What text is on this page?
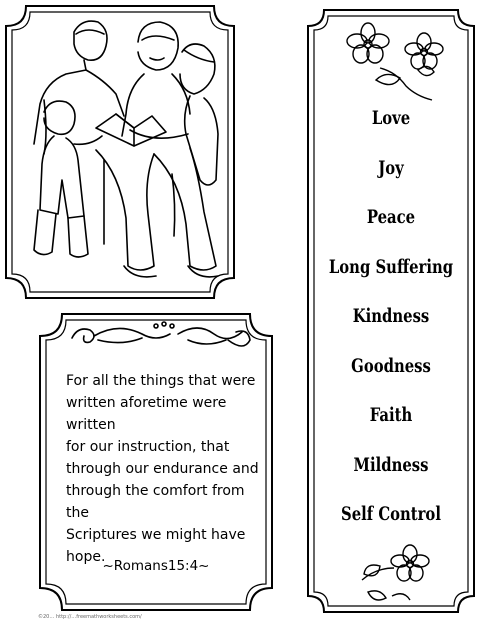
For all the things that were
written aforetime were written
for our instruction, that
through our endurance and
through the comfort from the
Scriptures we might have
hope.
~Romans15:4~
Love
Joy
Peace
Long Suffering
Kindness
Goodness
Faith
Mildness
Self Control
©20… http://…freemathworksheets.com/
